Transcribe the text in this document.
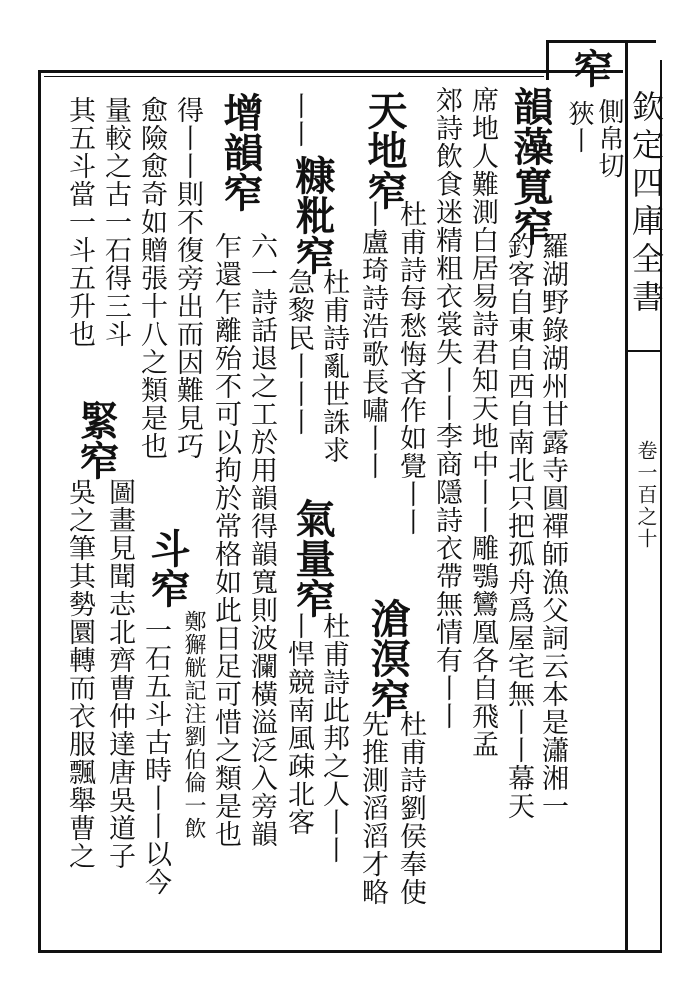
欽定四庫全書
卷一百之十
窄
側帛切
狹丨
韻藻寬窄
羅湖野錄湖州甘露寺圓禪師漁父詞云本是瀟湘一
釣客自東自西自南北只把孤舟爲屋宅無丨丨幕天
席地人難測白居易詩君知天地中丨丨雕鶚鸞凰各自飛孟
郊詩飲食迷精粗衣裳失丨丨李商隱詩衣帶無情有丨丨
天地窄
杜甫詩每愁悔吝作如覺丨丨
丨盧琦詩浩歌長嘯丨丨
滄溟窄
杜甫詩劉侯奉使
先推測滔滔才略
丨丨
糠粃窄
杜甫詩亂世誅求
急黎民丨丨丨
氣量窄
杜甫詩此邦之人丨丨
丨悍競南風疎北客
增韻窄
六一詩話退之工於用韻得韻寬則波瀾橫溢泛入旁韻
乍還乍離殆不可以拘於常格如此日足可惜之類是也
得丨丨則不復旁出而因難見巧
愈險愈奇如贈張十八之類是也
斗窄
鄭獬觥記注劉伯倫一飲
一石五斗古時丨丨以今
量較之古一石得三斗
其五斗當一斗五升也
緊窄
圖畫見聞志北齊曹仲達唐吳道子
吳之筆其勢圜轉而衣服飄舉曹之
